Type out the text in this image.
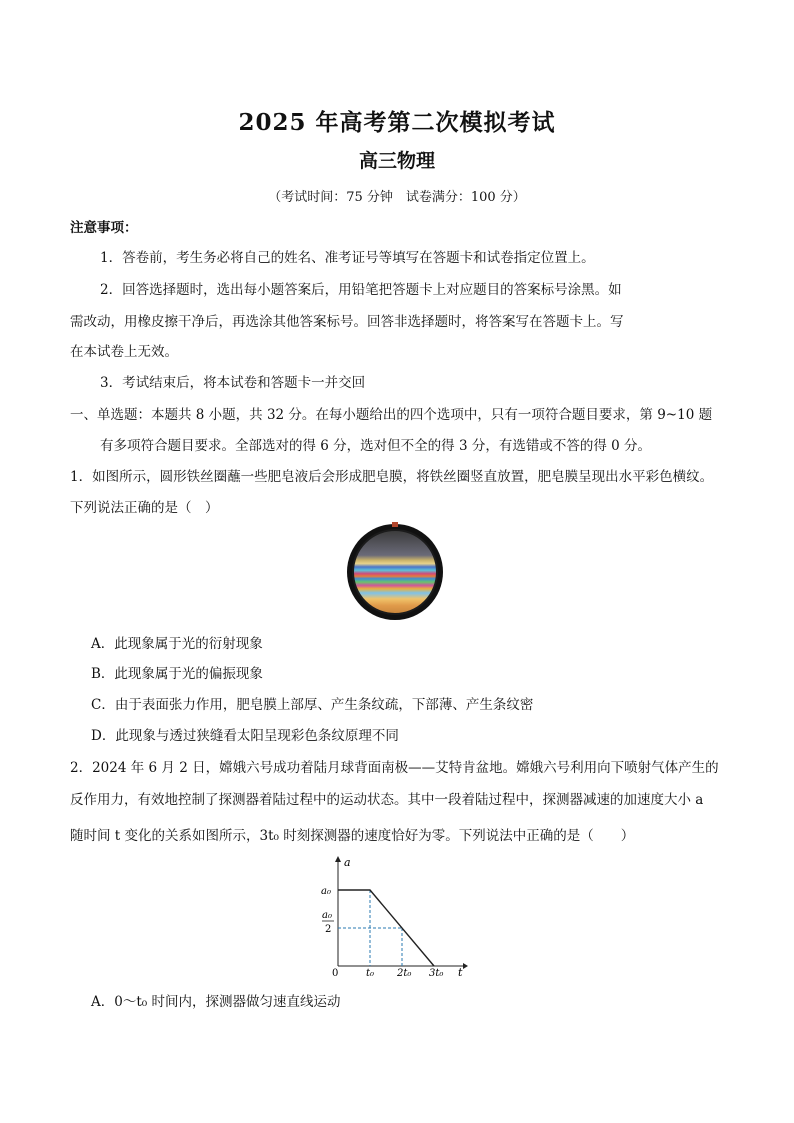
2025 年高考第二次模拟考试
高三物理
（考试时间：75 分钟　试卷满分：100 分）
注意事项：
1．答卷前，考生务必将自己的姓名、准考证号等填写在答题卡和试卷指定位置上。
2．回答选择题时，选出每小题答案后，用铅笔把答题卡上对应题目的答案标号涂黑。如
需改动，用橡皮擦干净后，再选涂其他答案标号。回答非选择题时，将答案写在答题卡上。写
在本试卷上无效。
3．考试结束后，将本试卷和答题卡一并交回
一、单选题：本题共 8 小题，共 32 分。在每小题给出的四个选项中，只有一项符合题目要求，第 9~10 题
有多项符合题目要求。全部选对的得 6 分，选对但不全的得 3 分，有选错或不答的得 0 分。
1．如图所示，圆形铁丝圈蘸一些肥皂液后会形成肥皂膜，将铁丝圈竖直放置，肥皂膜呈现出水平彩色横纹。
下列说法正确的是（　）
A．此现象属于光的衍射现象
B．此现象属于光的偏振现象
C．由于表面张力作用，肥皂膜上部厚、产生条纹疏，下部薄、产生条纹密
D．此现象与透过狭缝看太阳呈现彩色条纹原理不同
2．2024 年 6 月 2 日，嫦娥六号成功着陆月球背面南极——艾特肯盆地。嫦娥六号利用向下喷射气体产生的
反作用力，有效地控制了探测器着陆过程中的运动状态。其中一段着陆过程中，探测器减速的加速度大小 a
随时间 t 变化的关系如图所示，3t₀ 时刻探测器的速度恰好为零。下列说法中正确的是（　　）
a
t
0
a₀
a₀
2
t₀ 2t₀ 3t₀
A．0～t₀ 时间内，探测器做匀速直线运动
